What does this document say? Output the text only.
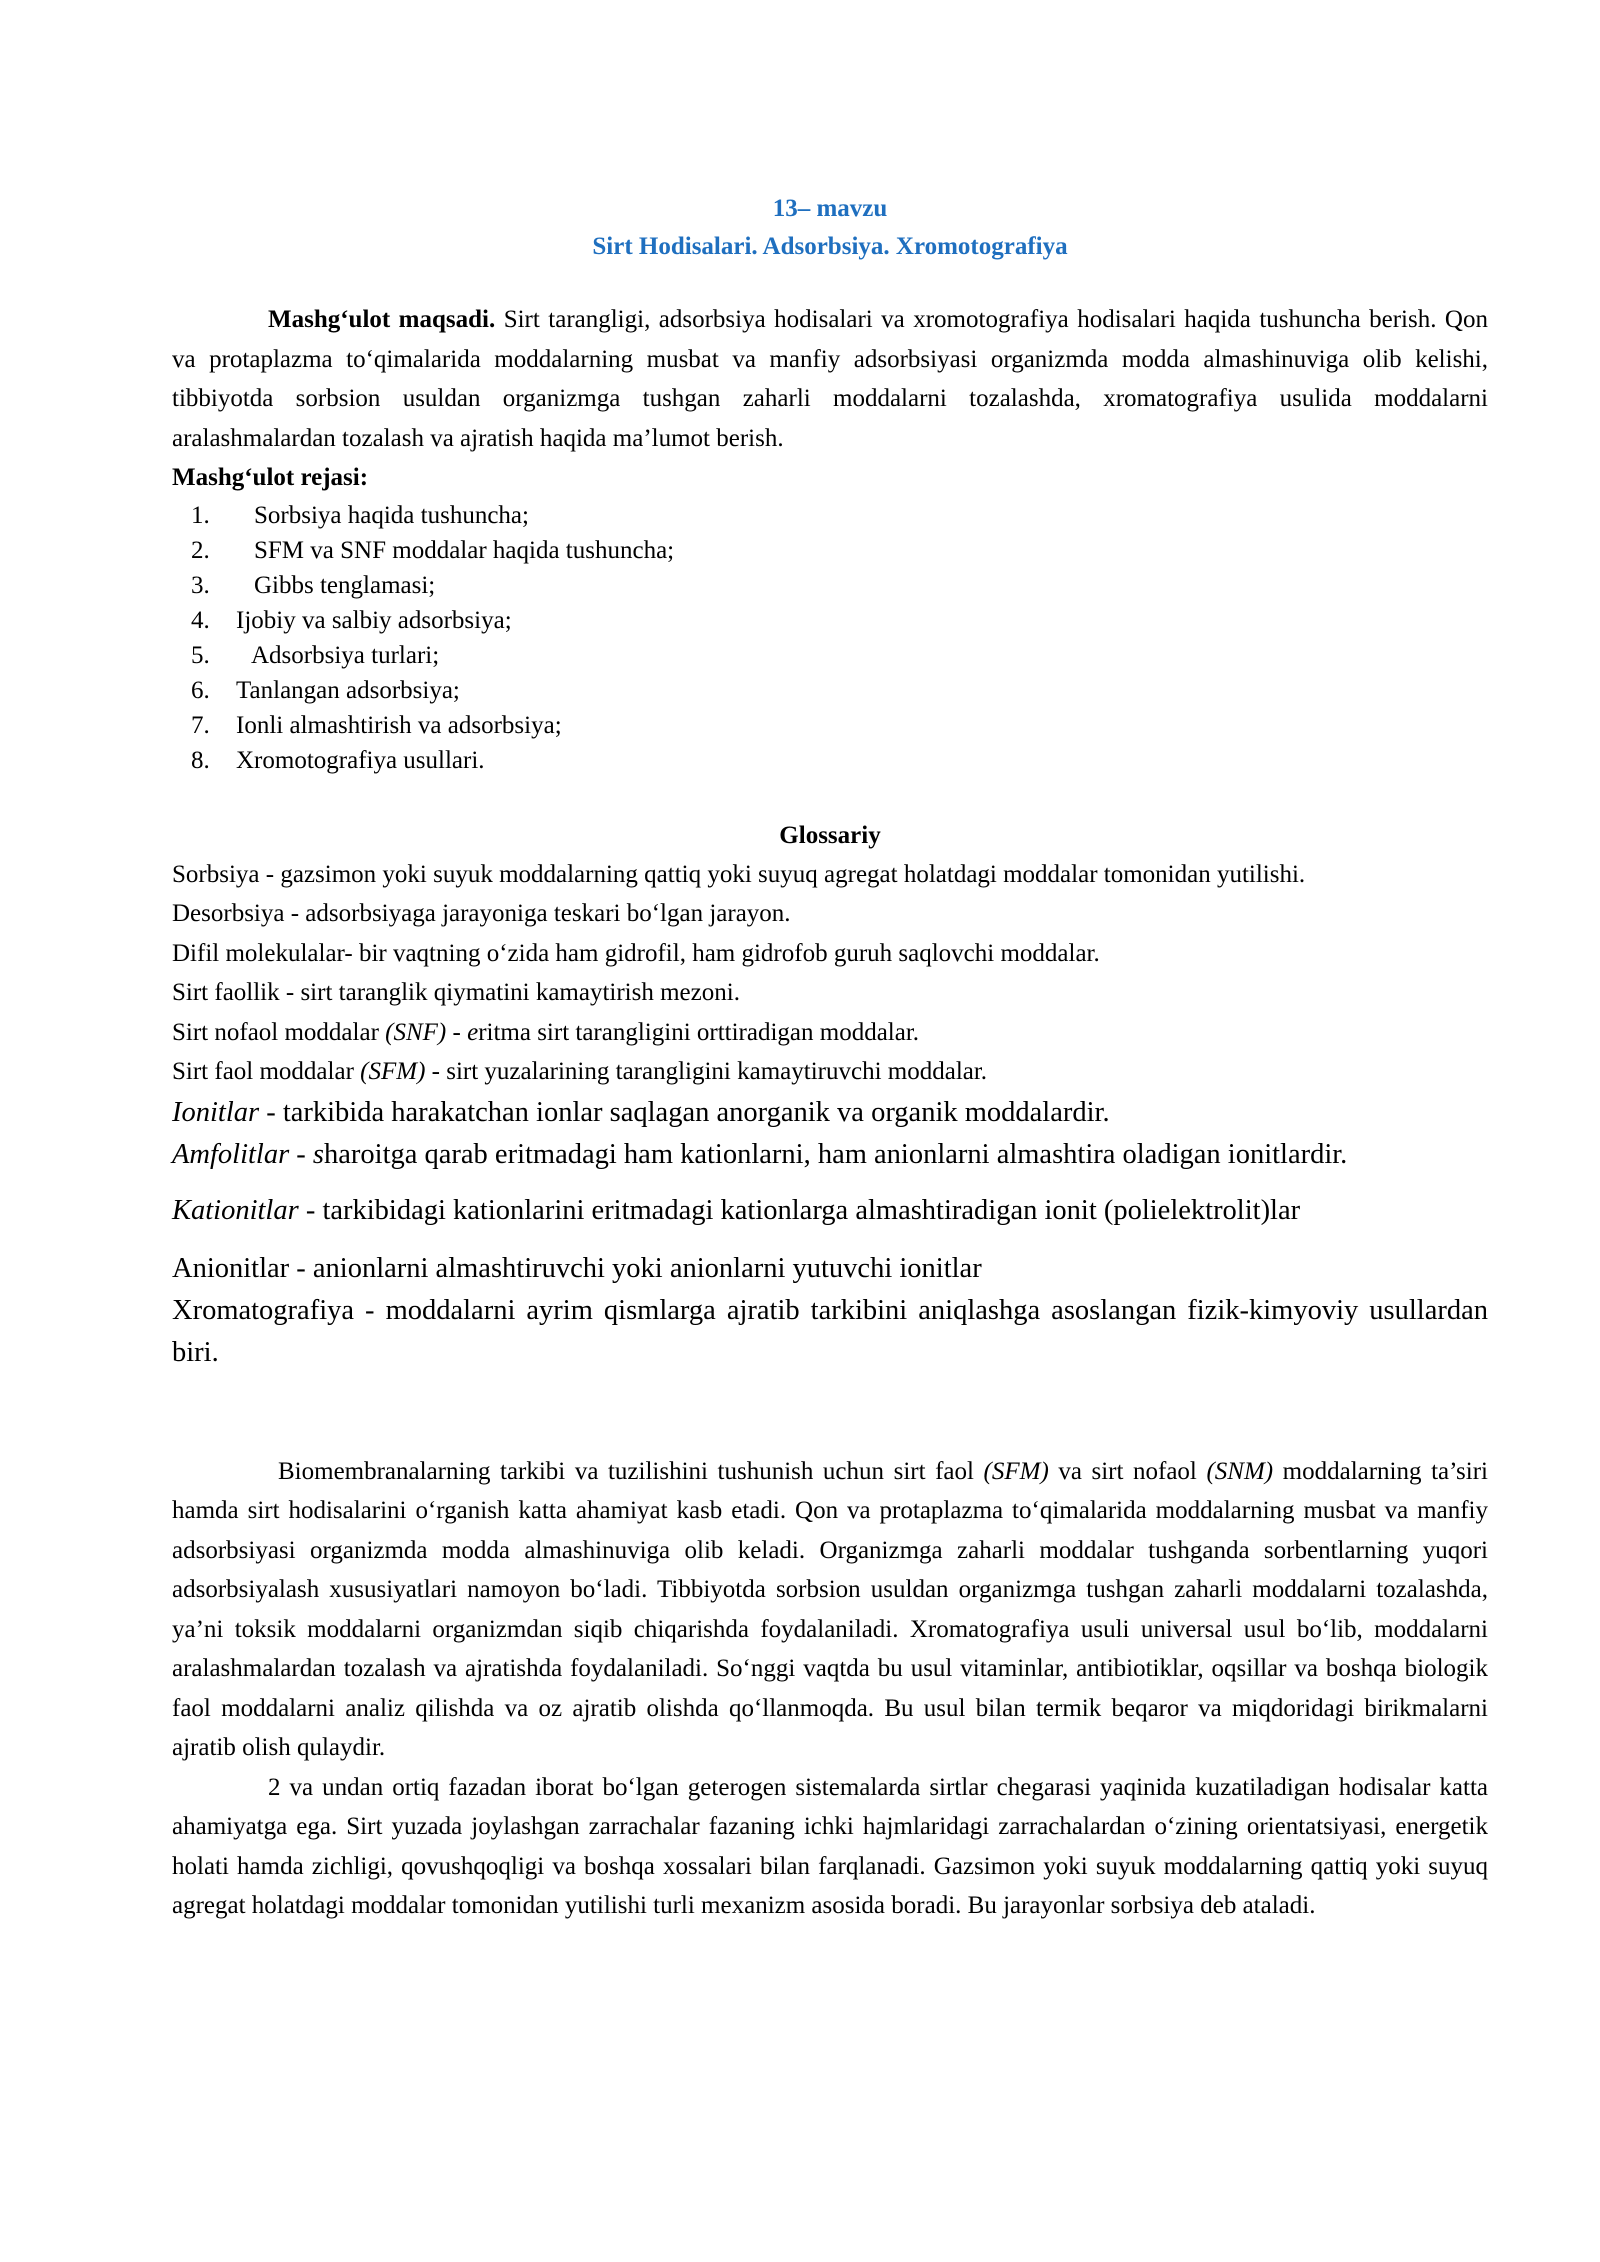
13– mavzu
Sirt Hodisalari. Adsorbsiya. Xromotografiya

Mashg‘ulot maqsadi. Sirt tarangligi, adsorbsiya hodisalari va xromotografiya hodisalari haqida tushuncha berish. Qon va protaplazma to‘qimalarida moddalarning musbat va manfiy adsorbsiyasi organizmda modda almashinuviga olib kelishi, tibbiyotda sorbsion usuldan organizmga tushgan zaharli moddalarni tozalashda, xromatografiya usulida moddalarni aralashmalardan tozalash va ajratish haqida ma’lumot berish.

Mashg‘ulot rejasi:

1. Sorbsiya haqida tushuncha;
2. SFM va SNF moddalar haqida tushuncha;
3. Gibbs tenglamasi;
4. Ijobiy va salbiy adsorbsiya;
5. Adsorbsiya turlari;
6. Tanlangan adsorbsiya;
7. Ionli almashtirish va adsorbsiya;
8. Xromotografiya usullari.
Glossariy

Sorbsiya - gazsimon yoki suyuk moddalarning qattiq yoki suyuq agregat holatdagi moddalar tomonidan yutilishi.

Desorbsiya - adsorbsiyaga jarayoniga teskari bo‘lgan jarayon.

Difil molekulalar- bir vaqtning o‘zida ham gidrofil, ham gidrofob guruh saqlovchi moddalar.

Sirt faollik - sirt taranglik qiymatini kamaytirish mezoni.

Sirt nofaol moddalar (SNF) - eritma sirt tarangligini orttiradigan moddalar.

Sirt faol moddalar (SFM) - sirt yuzalarining tarangligini kamaytiruvchi moddalar.

Ionitlar - tarkibida harakatchan ionlar saqlagan anorganik va organik moddalardir.

Amfolitlar - sharoitga qarab eritmadagi ham kationlarni, ham anionlarni almashtira oladigan ionitlardir.

Kationitlar - tarkibidagi kationlarini eritmadagi kationlarga almashtiradigan ionit (polielektrolit)lar

Anionitlar - anionlarni almashtiruvchi yoki anionlarni yutuvchi ionitlar

Xromatografiya - moddalarni ayrim qismlarga ajratib tarkibini aniqlashga asoslangan fizik-kimyoviy usullardan biri.

Biomembranalarning tarkibi va tuzilishini tushunish uchun sirt faol (SFM) va sirt nofaol (SNM) moddalarning ta’siri hamda sirt hodisalarini o‘rganish katta ahamiyat kasb etadi. Qon va protaplazma to‘qimalarida moddalarning musbat va manfiy adsorbsiyasi organizmda modda almashinuviga olib keladi. Organizmga zaharli moddalar tushganda sorbentlarning yuqori adsorbsiyalash xususiyatlari namoyon bo‘ladi. Tibbiyotda sorbsion usuldan organizmga tushgan zaharli moddalarni tozalashda, ya’ni toksik moddalarni organizmdan siqib chiqarishda foydalaniladi. Xromatografiya usuli universal usul bo‘lib, moddalarni aralashmalardan tozalash va ajratishda foydalaniladi. So‘nggi vaqtda bu usul vitaminlar, antibiotiklar, oqsillar va boshqa biologik faol moddalarni analiz qilishda va oz ajratib olishda qo‘llanmoqda. Bu usul bilan termik beqaror va miqdoridagi birikmalarni ajratib olish qulaydir.

2 va undan ortiq fazadan iborat bo‘lgan geterogen sistemalarda sirtlar chegarasi yaqinida kuzatiladigan hodisalar katta ahamiyatga ega. Sirt yuzada joylashgan zarrachalar fazaning ichki hajmlaridagi zarrachalardan o‘zining orientatsiyasi, energetik holati hamda zichligi, qovushqoqligi va boshqa xossalari bilan farqlanadi. Gazsimon yoki suyuk moddalarning qattiq yoki suyuq agregat holatdagi moddalar tomonidan yutilishi turli mexanizm asosida boradi. Bu jarayonlar sorbsiya deb ataladi.
